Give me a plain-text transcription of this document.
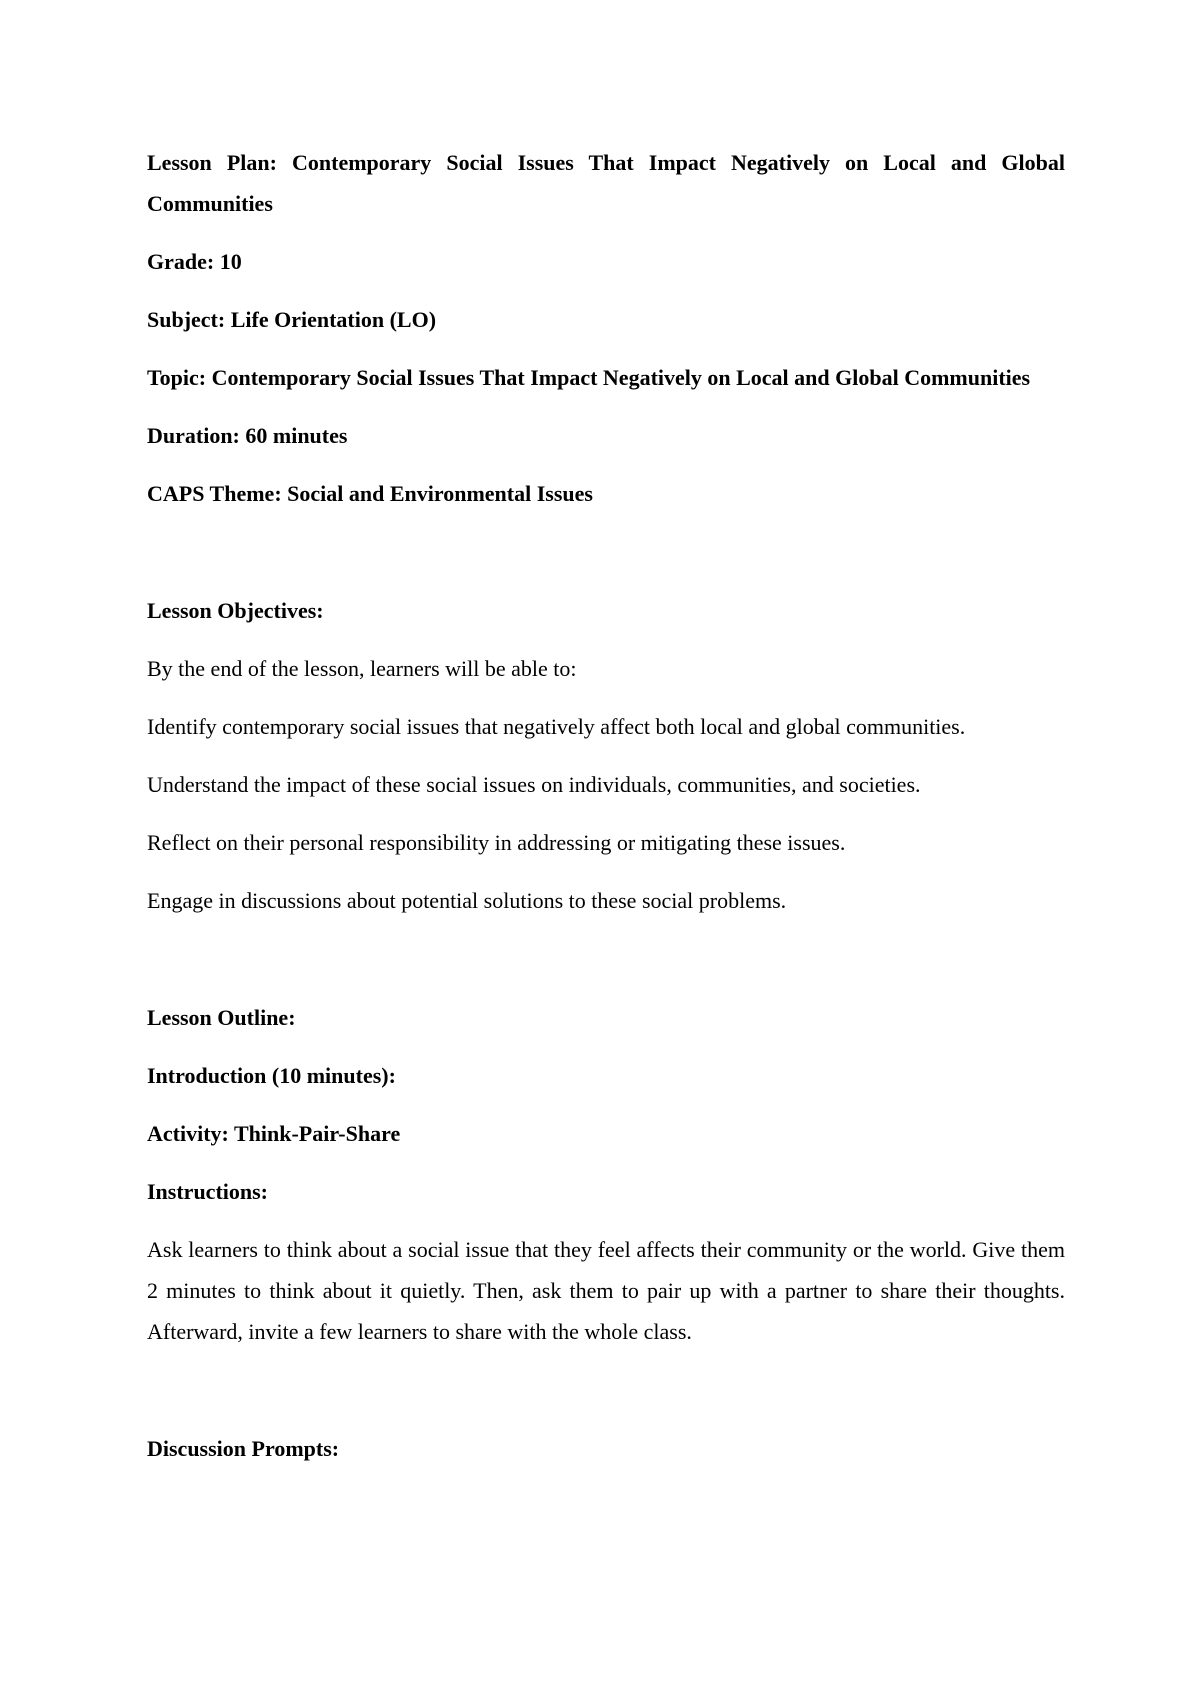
Lesson Plan: Contemporary Social Issues That Impact Negatively on Local and Global Communities

Grade: 10

Subject: Life Orientation (LO)

Topic: Contemporary Social Issues That Impact Negatively on Local and Global Communities

Duration: 60 minutes

CAPS Theme: Social and Environmental Issues

Lesson Objectives:

By the end of the lesson, learners will be able to:

Identify contemporary social issues that negatively affect both local and global communities.

Understand the impact of these social issues on individuals, communities, and societies.

Reflect on their personal responsibility in addressing or mitigating these issues.

Engage in discussions about potential solutions to these social problems.

Lesson Outline:

Introduction (10 minutes):

Activity: Think-Pair-Share

Instructions:

Ask learners to think about a social issue that they feel affects their community or the world. Give them 2 minutes to think about it quietly. Then, ask them to pair up with a partner to share their thoughts. Afterward, invite a few learners to share with the whole class.

Discussion Prompts:
